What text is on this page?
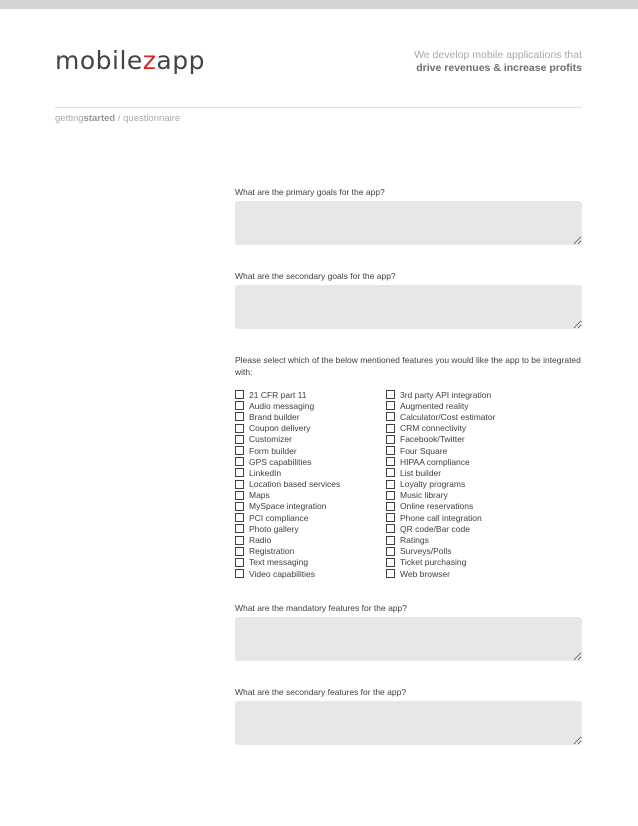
mobilezapp	We develop mobile applications that
drive revenues & increase profits
gettingstarted / questionnaire
What are the primary goals for the app?
What are the secondary goals for the app?
Please select which of the below mentioned features you would like the app to be integrated with:
21 CFR part 11
Audio messaging
Brand builder
Coupon delivery
Customizer
Form builder
GPS capabilities
LinkedIn
Location based services
Maps
MySpace integration
PCI compliance
Photo gallery
Radio
Registration
Text messaging
Video capabilities
3rd party API integration
Augmented reality
Calculator/Cost estimator
CRM connectivity
Facebook/Twitter
Four Square
HIPAA compliance
List builder
Loyalty programs
Music library
Online reservations
Phone call integration
QR code/Bar code
Ratings
Surveys/Polls
Ticket purchasing
Web browser
What are the mandatory features for the app?
What are the secondary features for the app?
